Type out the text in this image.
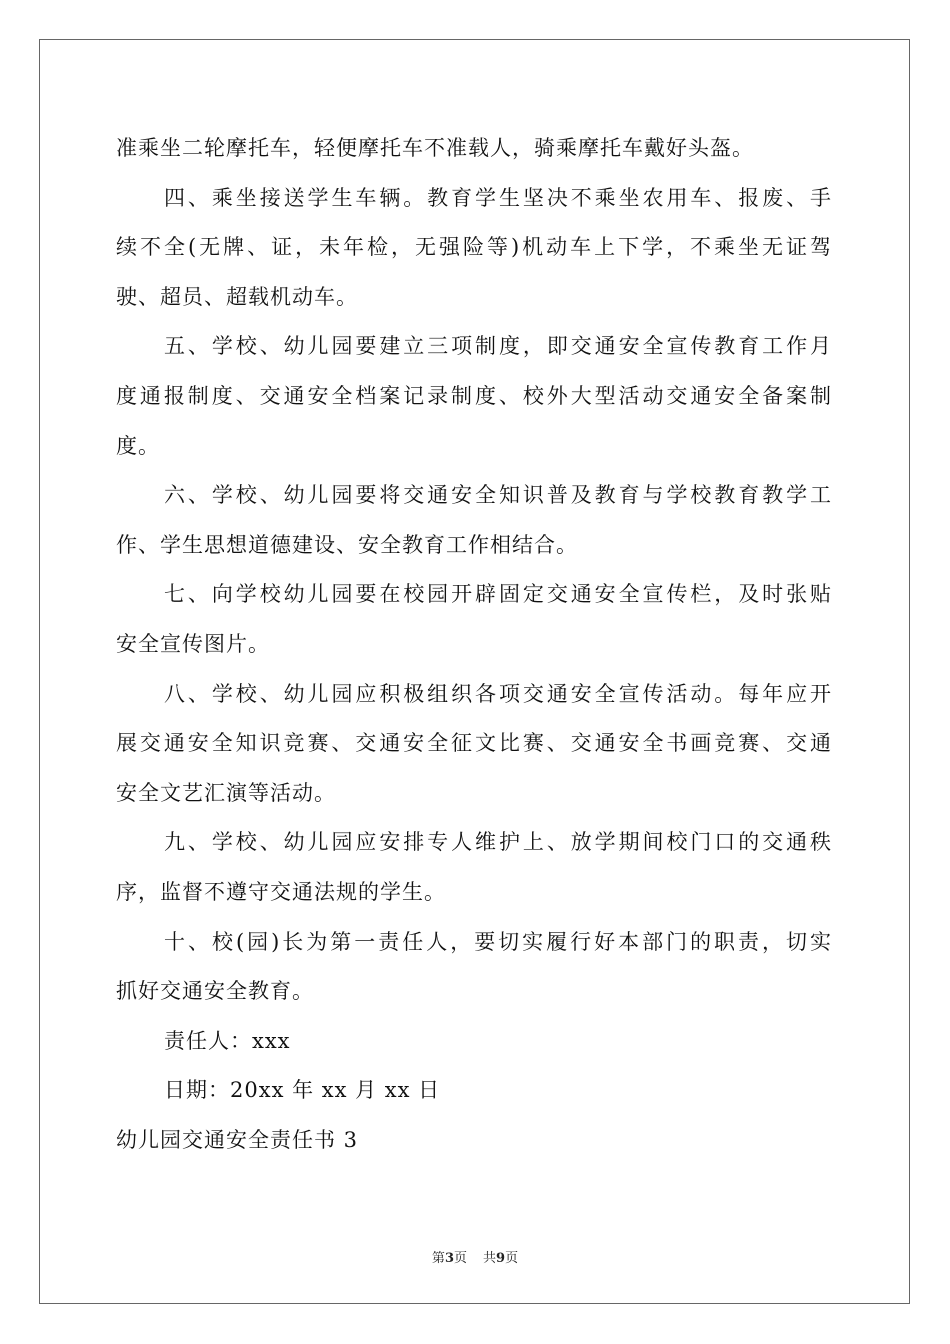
准乘坐二轮摩托车，轻便摩托车不准载人，骑乘摩托车戴好头盔。
四、乘坐接送学生车辆。教育学生坚决不乘坐农用车、报废、手
续不全(无牌、证，未年检，无强险等)机动车上下学，不乘坐无证驾
驶、超员、超载机动车。
五、学校、幼儿园要建立三项制度，即交通安全宣传教育工作月
度通报制度、交通安全档案记录制度、校外大型活动交通安全备案制
度。
六、学校、幼儿园要将交通安全知识普及教育与学校教育教学工
作、学生思想道德建设、安全教育工作相结合。
七、向学校幼儿园要在校园开辟固定交通安全宣传栏，及时张贴
安全宣传图片。
八、学校、幼儿园应积极组织各项交通安全宣传活动。每年应开
展交通安全知识竞赛、交通安全征文比赛、交通安全书画竞赛、交通
安全文艺汇演等活动。
九、学校、幼儿园应安排专人维护上、放学期间校门口的交通秩
序，监督不遵守交通法规的学生。
十、校(园)长为第一责任人，要切实履行好本部门的职责，切实
抓好交通安全教育。
责任人：xxx
日期：20xx 年 xx 月 xx 日
幼儿园交通安全责任书 3
第3页 共9页
